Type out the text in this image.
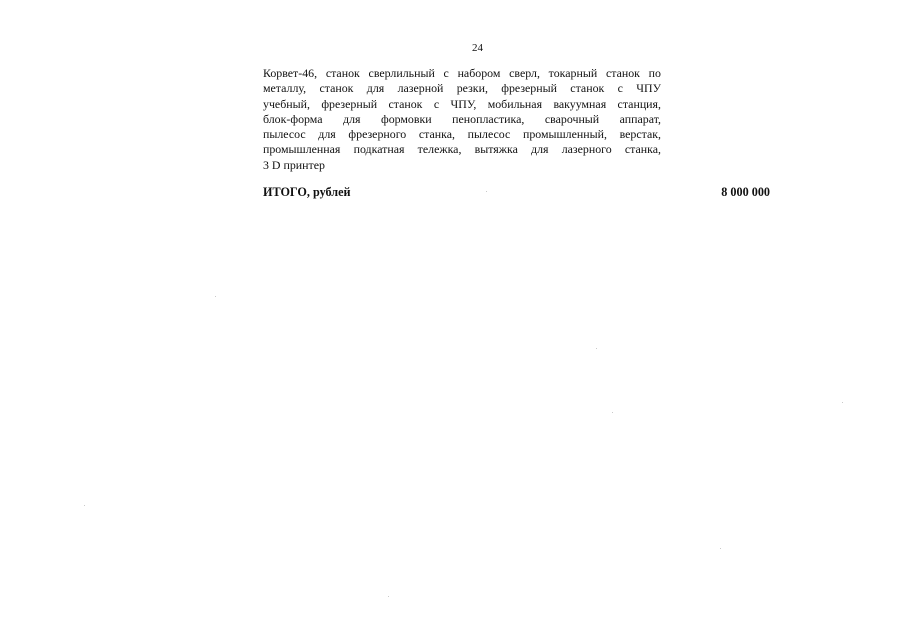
24
Корвет-46, станок сверлильный с набором сверл, токарный станок по
металлу, станок для лазерной резки, фрезерный станок с ЧПУ
учебный, фрезерный станок с ЧПУ, мобильная вакуумная станция,
блок-форма для формовки пенопластика, сварочный аппарат,
пылесос для фрезерного станка, пылесос промышленный, верстак,
промышленная подкатная тележка, вытяжка для лазерного станка,
3 D принтер
ИТОГО, рублей	8 000 000
